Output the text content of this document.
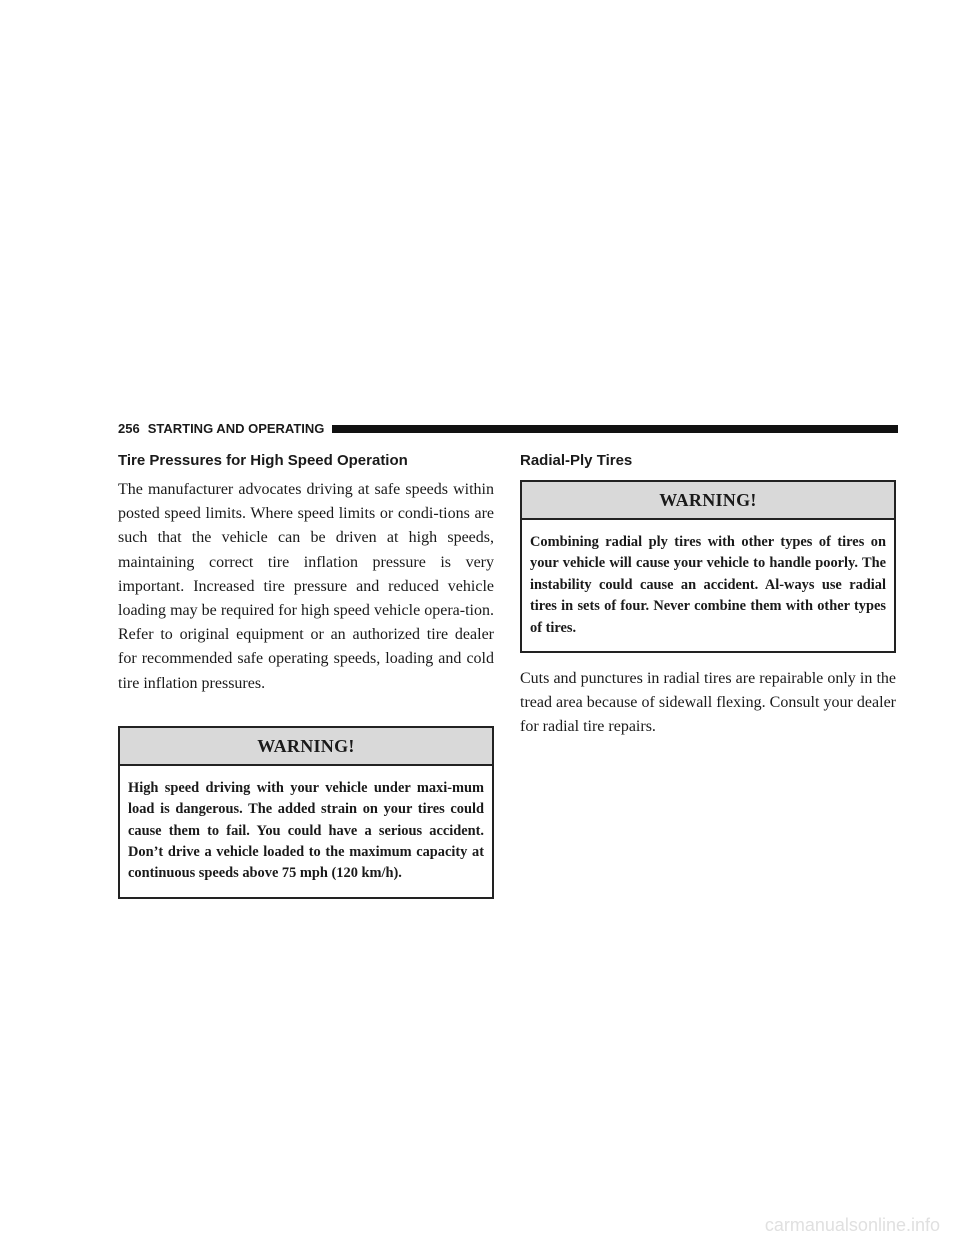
256 STARTING AND OPERATING
Tire Pressures for High Speed Operation

The manufacturer advocates driving at safe speeds within posted speed limits. Where speed limits or condi-tions are such that the vehicle can be driven at high speeds, maintaining correct tire inflation pressure is very important. Increased tire pressure and reduced vehicle loading may be required for high speed vehicle opera-tion. Refer to original equipment or an authorized tire dealer for recommended safe operating speeds, loading and cold tire inflation pressures.

WARNING!
High speed driving with your vehicle under maxi-mum load is dangerous. The added strain on your tires could cause them to fail. You could have a serious accident. Don’t drive a vehicle loaded to the maximum capacity at continuous speeds above 75 mph (120 km/h).
Radial-Ply Tires
WARNING!
Combining radial ply tires with other types of tires on your vehicle will cause your vehicle to handle poorly. The instability could cause an accident. Al-ways use radial tires in sets of four. Never combine them with other types of tires.

Cuts and punctures in radial tires are repairable only in the tread area because of sidewall flexing. Consult your dealer for radial tire repairs.

carmanualsonline.info
